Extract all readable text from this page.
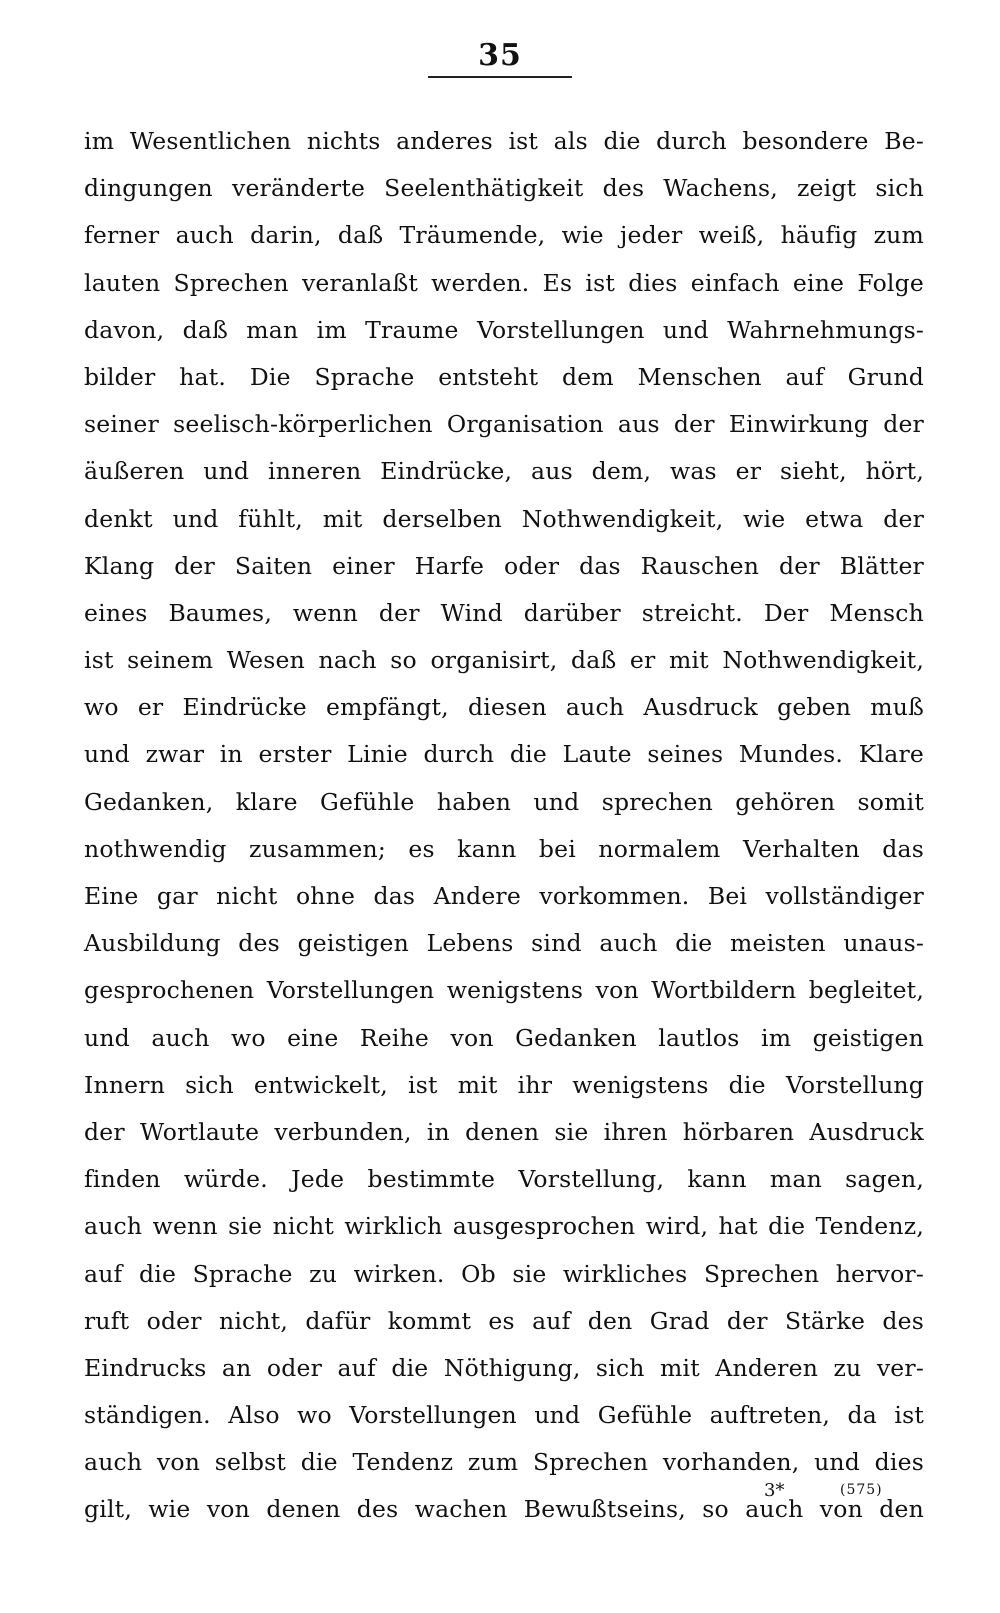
35
im Wesentlichen nichts anderes ist als die durch besondere Be-
dingungen veränderte Seelenthätigkeit des Wachens, zeigt sich
ferner auch darin, daß Träumende, wie jeder weiß, häufig zum
lauten Sprechen veranlaßt werden. Es ist dies einfach eine Folge
davon, daß man im Traume Vorstellungen und Wahrnehmungs-
bilder hat. Die Sprache entsteht dem Menschen auf Grund
seiner seelisch-körperlichen Organisation aus der Einwirkung der
äußeren und inneren Eindrücke, aus dem, was er sieht, hört,
denkt und fühlt, mit derselben Nothwendigkeit, wie etwa der
Klang der Saiten einer Harfe oder das Rauschen der Blätter
eines Baumes, wenn der Wind darüber streicht. Der Mensch
ist seinem Wesen nach so organisirt, daß er mit Nothwendigkeit,
wo er Eindrücke empfängt, diesen auch Ausdruck geben muß
und zwar in erster Linie durch die Laute seines Mundes. Klare
Gedanken, klare Gefühle haben und sprechen gehören somit
nothwendig zusammen; es kann bei normalem Verhalten das
Eine gar nicht ohne das Andere vorkommen. Bei vollständiger
Ausbildung des geistigen Lebens sind auch die meisten unaus-
gesprochenen Vorstellungen wenigstens von Wortbildern begleitet,
und auch wo eine Reihe von Gedanken lautlos im geistigen
Innern sich entwickelt, ist mit ihr wenigstens die Vorstellung
der Wortlaute verbunden, in denen sie ihren hörbaren Ausdruck
finden würde. Jede bestimmte Vorstellung, kann man sagen,
auch wenn sie nicht wirklich ausgesprochen wird, hat die Tendenz,
auf die Sprache zu wirken. Ob sie wirkliches Sprechen hervor-
ruft oder nicht, dafür kommt es auf den Grad der Stärke des
Eindrucks an oder auf die Nöthigung, sich mit Anderen zu ver-
ständigen. Also wo Vorstellungen und Gefühle auftreten, da ist
auch von selbst die Tendenz zum Sprechen vorhanden, und dies
gilt, wie von denen des wachen Bewußtseins, so auch von den
3*	(575)
